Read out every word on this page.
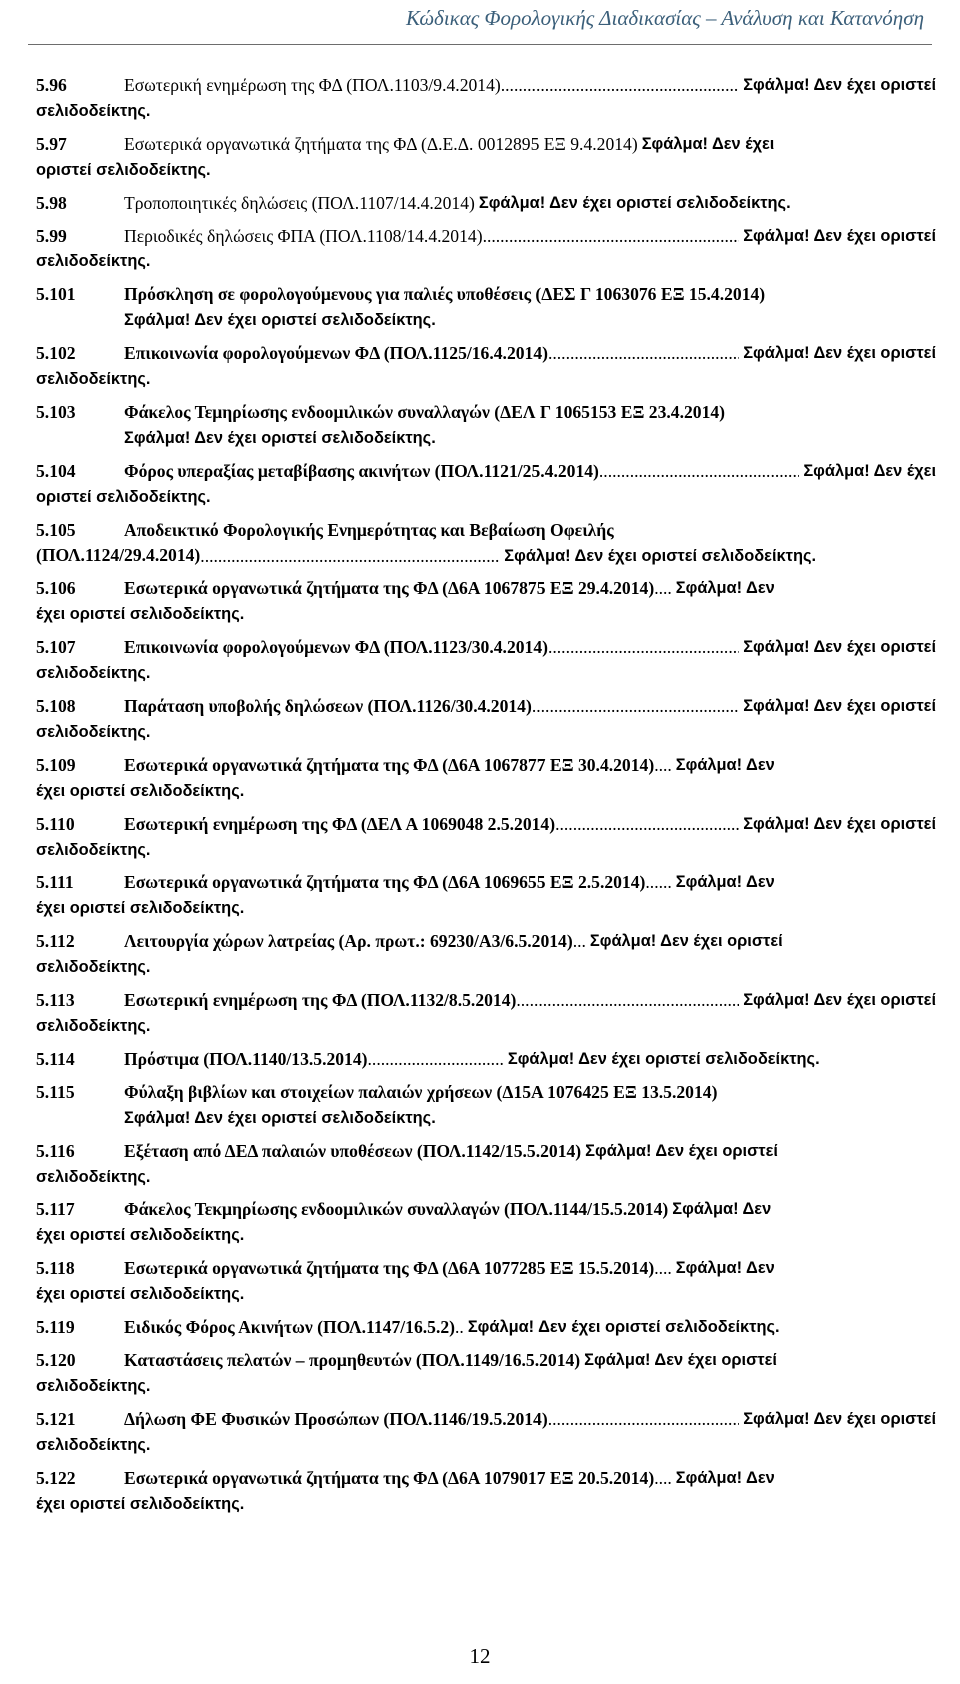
Κώδικας Φορολογικής Διαδικασίας – Ανάλυση και Κατανόηση
5.96	Εσωτερική ενημέρωση της ΦΔ (ΠΟΛ.1103/9.4.2014) .....	Σφάλμα! Δεν έχει οριστεί
σελιδοδείκτης.
5.97	Εσωτερικά οργανωτικά ζητήματα της ΦΔ (Δ.Ε.Δ. 0012895 ΕΞ 9.4.2014) Σφάλμα! Δεν έχει
οριστεί σελιδοδείκτης.
5.98	Τροποποιητικές δηλώσεις (ΠΟΛ.1107/14.4.2014) Σφάλμα! Δεν έχει οριστεί σελιδοδείκτης.
5.99	Περιοδικές δηλώσεις ΦΠΑ (ΠΟΛ.1108/14.4.2014) .....	Σφάλμα! Δεν έχει οριστεί
σελιδοδείκτης.
5.101	Πρόσκληση σε φορολογούμενους για παλιές υποθέσεις (ΔΕΣ Γ 1063076 ΕΞ 15.4.2014)
Σφάλμα! Δεν έχει οριστεί σελιδοδείκτης.
5.102	Επικοινωνία φορολογούμενων ΦΔ (ΠΟΛ.1125/16.4.2014) .....	Σφάλμα! Δεν έχει οριστεί
σελιδοδείκτης.
5.103	Φάκελος Τεμηρίωσης ενδοομιλικών συναλλαγών (ΔΕΛ Γ 1065153 ΕΞ 23.4.2014)
Σφάλμα! Δεν έχει οριστεί σελιδοδείκτης.
5.104	Φόρος υπεραξίας μεταβίβασης ακινήτων (ΠΟΛ.1121/25.4.2014) .....	Σφάλμα! Δεν έχει
οριστεί σελιδοδείκτης.
5.105	Αποδεικτικό Φορολογικής Ενημερότητας και Βεβαίωση Οφειλής
(ΠΟΛ.1124/29.4.2014) .....	Σφάλμα! Δεν έχει οριστεί σελιδοδείκτης.
5.106	Εσωτερικά οργανωτικά ζητήματα της ΦΔ (Δ6Α 1067875 ΕΞ 29.4.2014) .... Σφάλμα! Δεν
έχει οριστεί σελιδοδείκτης.
5.107	Επικοινωνία φορολογούμενων ΦΔ (ΠΟΛ.1123/30.4.2014) .....	Σφάλμα! Δεν έχει οριστεί
σελιδοδείκτης.
5.108	Παράταση υποβολής δηλώσεων (ΠΟΛ.1126/30.4.2014) .....	Σφάλμα! Δεν έχει οριστεί
σελιδοδείκτης.
5.109	Εσωτερικά οργανωτικά ζητήματα της ΦΔ (Δ6Α 1067877 ΕΞ 30.4.2014) .... Σφάλμα! Δεν
έχει οριστεί σελιδοδείκτης.
5.110	Εσωτερική ενημέρωση της ΦΔ (ΔΕΛ Α 1069048 2.5.2014) .....	Σφάλμα! Δεν έχει οριστεί
σελιδοδείκτης.
5.111	Εσωτερικά οργανωτικά ζητήματα της ΦΔ (Δ6Α 1069655 ΕΞ 2.5.2014) ...... Σφάλμα! Δεν
έχει οριστεί σελιδοδείκτης.
5.112	Λειτουργία χώρων λατρείας (Αρ. πρωτ.: 69230/Α3/6.5.2014) ... Σφάλμα! Δεν έχει οριστεί
σελιδοδείκτης.
5.113	Εσωτερική ενημέρωση της ΦΔ (ΠΟΛ.1132/8.5.2014) .....	Σφάλμα! Δεν έχει οριστεί
σελιδοδείκτης.
5.114	Πρόστιμα (ΠΟΛ.1140/13.5.2014) ............................... Σφάλμα! Δεν έχει οριστεί σελιδοδείκτης.
5.115	Φύλαξη βιβλίων και στοιχείων παλαιών χρήσεων (Δ15Α 1076425 ΕΞ 13.5.2014)
Σφάλμα! Δεν έχει οριστεί σελιδοδείκτης.
5.116	Εξέταση από ΔΕΔ παλαιών υποθέσεων (ΠΟΛ.1142/15.5.2014) Σφάλμα! Δεν έχει οριστεί
σελιδοδείκτης.
5.117	Φάκελος Τεκμηρίωσης ενδοομιλικών συναλλαγών (ΠΟΛ.1144/15.5.2014) Σφάλμα! Δεν
έχει οριστεί σελιδοδείκτης.
5.118	Εσωτερικά οργανωτικά ζητήματα της ΦΔ (Δ6Α 1077285 ΕΞ 15.5.2014) .... Σφάλμα! Δεν
έχει οριστεί σελιδοδείκτης.
5.119	Ειδικός Φόρος Ακινήτων (ΠΟΛ.1147/16.5.2) .. Σφάλμα! Δεν έχει οριστεί σελιδοδείκτης.
5.120	Καταστάσεις πελατών – προμηθευτών (ΠΟΛ.1149/16.5.2014) Σφάλμα! Δεν έχει οριστεί
σελιδοδείκτης.
5.121	Δήλωση ΦΕ Φυσικών Προσώπων (ΠΟΛ.1146/19.5.2014) .....	Σφάλμα! Δεν έχει οριστεί
σελιδοδείκτης.
5.122	Εσωτερικά οργανωτικά ζητήματα της ΦΔ (Δ6Α 1079017 ΕΞ 20.5.2014) .... Σφάλμα! Δεν
έχει οριστεί σελιδοδείκτης.
12
